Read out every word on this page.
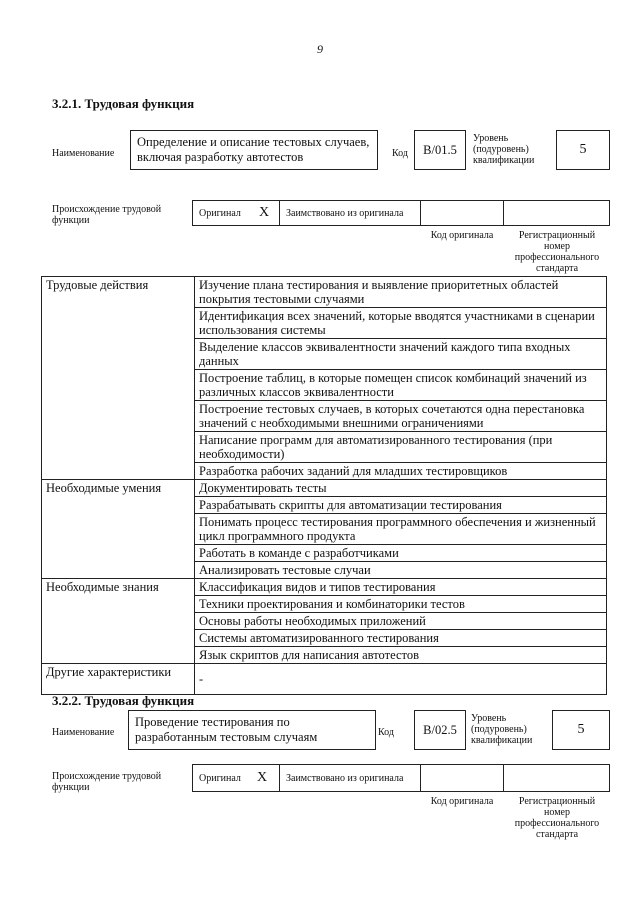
9
3.2.1. Трудовая функция
Наименование
Определение и описание тестовых случаев, включая разработку автотестов	Код	B/01.5
Уровень (подуровень) квалификации
5
Происхождение трудовой функции
Оригинал X	Заимствовано из оригинала
Код оригинала	Регистрационный номер профессионального стандарта
Трудовые действия	Изучение плана тестирования и выявление приоритетных областей покрытия тестовыми случаями
	Идентификация всех значений, которые вводятся участниками в сценарии использования системы
	Выделение классов эквивалентности значений каждого типа входных данных
	Построение таблиц, в которые помещен список комбинаций значений из различных классов эквивалентности
	Построение тестовых случаев, в которых сочетаются одна перестановка значений с необходимыми внешними ограничениями
	Написание программ для автоматизированного тестирования (при необходимости)
	Разработка рабочих заданий для младших тестировщиков
Необходимые умения	Документировать тесты
	Разрабатывать скрипты для автоматизации тестирования
	Понимать процесс тестирования программного обеспечения и жизненный цикл программного продукта
	Работать в команде с разработчиками
	Анализировать тестовые случаи
Необходимые знания	Классификация видов и типов тестирования
	Техники проектирования и комбинаторики тестов
	Основы работы необходимых приложений
	Системы автоматизированного тестирования
	Язык скриптов для написания автотестов
Другие характеристики	-
3.2.2. Трудовая функция
Наименование
Проведение тестирования по разработанным тестовым случаям	Код	B/02.5
Уровень (подуровень) квалификации
5
Происхождение трудовой функции
Оригинал X	Заимствовано из оригинала
Код оригинала	Регистрационный номер профессионального стандарта
